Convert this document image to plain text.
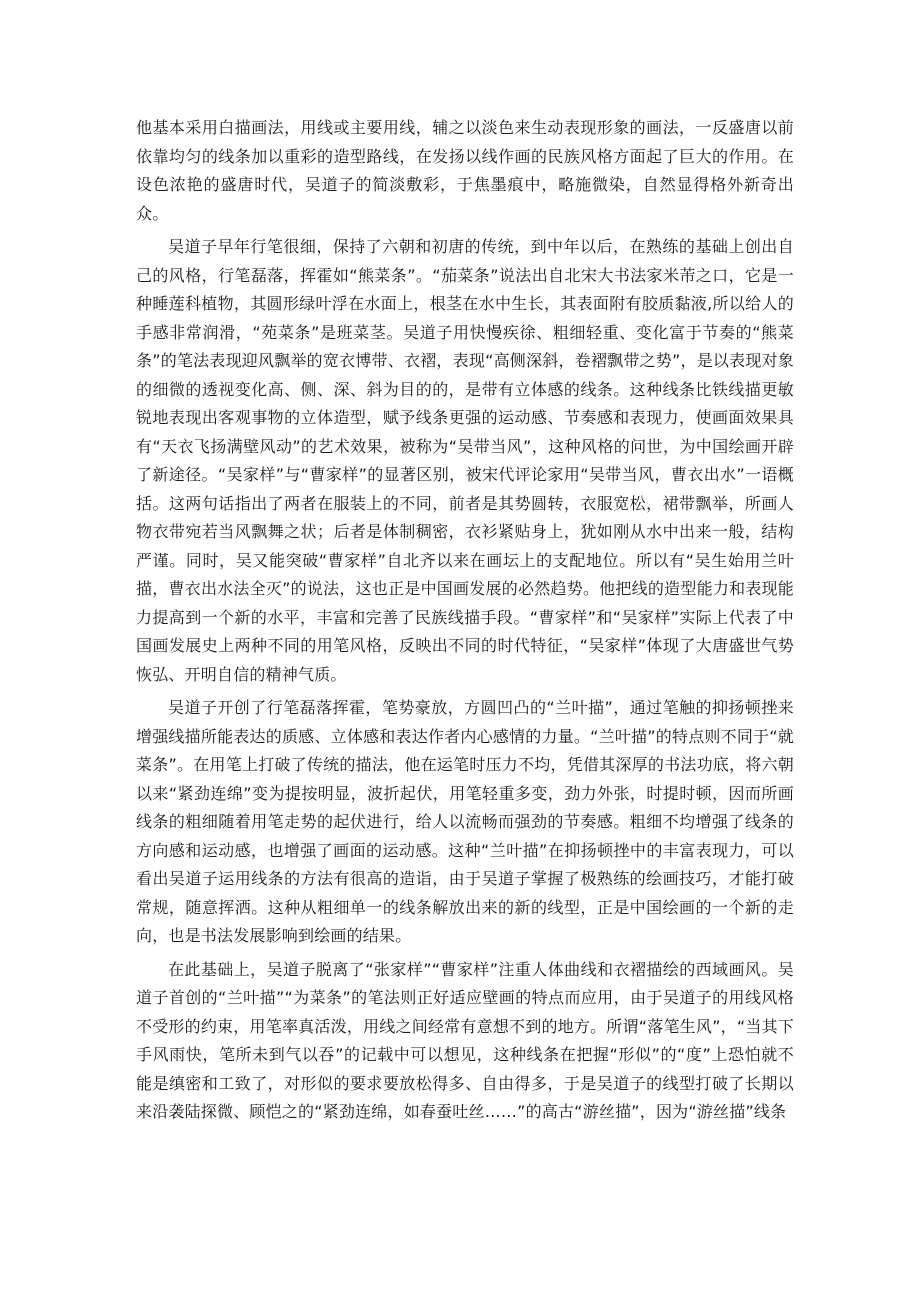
他基本采用白描画法，用线或主要用线，辅之以淡色来生动表现形象的画法，一反盛唐以前依靠均匀的线条加以重彩的造型路线，在发扬以线作画的民族风格方面起了巨大的作用。在设色浓艳的盛唐时代，吴道子的简淡敷彩，于焦墨痕中，略施微染，自然显得格外新奇出众。

吴道子早年行笔很细，保持了六朝和初唐的传统，到中年以后，在熟练的基础上创出自己的风格，行笔磊落，挥霍如“熊菜条”。“茄菜条”说法出自北宋大书法家米芾之口，它是一种睡莲科植物，其圆形绿叶浮在水面上，根茎在水中生长，其表面附有胶质黏液,所以给人的手感非常润滑，“苑菜条”是班菜茎。吴道子用快慢疾徐、粗细轻重、变化富于节奏的“熊菜条”的笔法表现迎风飘举的宽衣博带、衣褶，表现“高侧深斜，卷褶飘带之势”，是以表现对象的细微的透视变化高、侧、深、斜为目的的，是带有立体感的线条。这种线条比铁线描更敏锐地表现出客观事物的立体造型，赋予线条更强的运动感、节奏感和表现力，使画面效果具有“天衣飞扬满壁风动”的艺术效果，被称为“吴带当风”，这种风格的问世，为中国绘画开辟了新途径。“吴家样”与“曹家样”的显著区别，被宋代评论家用“吴带当风，曹衣出水”一语概括。这两句话指出了两者在服装上的不同，前者是其势圆转，衣服宽松，裙带飘举，所画人物衣带宛若当风飘舞之状；后者是体制稠密，衣衫紧贴身上，犹如刚从水中出来一般，结构严谨。同时，吴又能突破“曹家样”自北齐以来在画坛上的支配地位。所以有“吴生始用兰叶描，曹衣出水法全灭”的说法，这也正是中国画发展的必然趋势。他把线的造型能力和表现能力提高到一个新的水平，丰富和完善了民族线描手段。“曹家样”和“吴家样”实际上代表了中国画发展史上两种不同的用笔风格，反映出不同的时代特征，“吴家样”体现了大唐盛世气势恢弘、开明自信的精神气质。

吴道子开创了行笔磊落挥霍，笔势豪放，方圆凹凸的“兰叶描”，通过笔触的抑扬顿挫来增强线描所能表达的质感、立体感和表达作者内心感情的力量。“兰叶描”的特点则不同于“就菜条”。在用笔上打破了传统的描法，他在运笔时压力不均，凭借其深厚的书法功底，将六朝以来“紧劲连绵”变为提按明显，波折起伏，用笔轻重多变，劲力外张，时提时顿，因而所画线条的粗细随着用笔走势的起伏进行，给人以流畅而强劲的节奏感。粗细不均增强了线条的方向感和运动感，也增强了画面的运动感。这种“兰叶描”在抑扬顿挫中的丰富表现力，可以看出吴道子运用线条的方法有很高的造诣，由于吴道子掌握了极熟练的绘画技巧，才能打破常规，随意挥洒。这种从粗细单一的线条解放出来的新的线型，正是中国绘画的一个新的走向，也是书法发展影响到绘画的结果。

在此基础上，吴道子脱离了“张家样”“曹家样”注重人体曲线和衣褶描绘的西域画风。吴道子首创的“兰叶描”“为菜条”的笔法则正好适应壁画的特点而应用，由于吴道子的用线风格不受形的约束，用笔率真活泼，用线之间经常有意想不到的地方。所谓“落笔生风”，“当其下手风雨快，笔所未到气以吞”的记载中可以想见，这种线条在把握“形似”的“度”上恐怕就不能是缜密和工致了，对形似的要求要放松得多、自由得多，于是吴道子的线型打破了长期以来沿袭陆探微、顾恺之的“紧劲连绵，如春蚕吐丝……”的高古“游丝描”，因为“游丝描”线条
